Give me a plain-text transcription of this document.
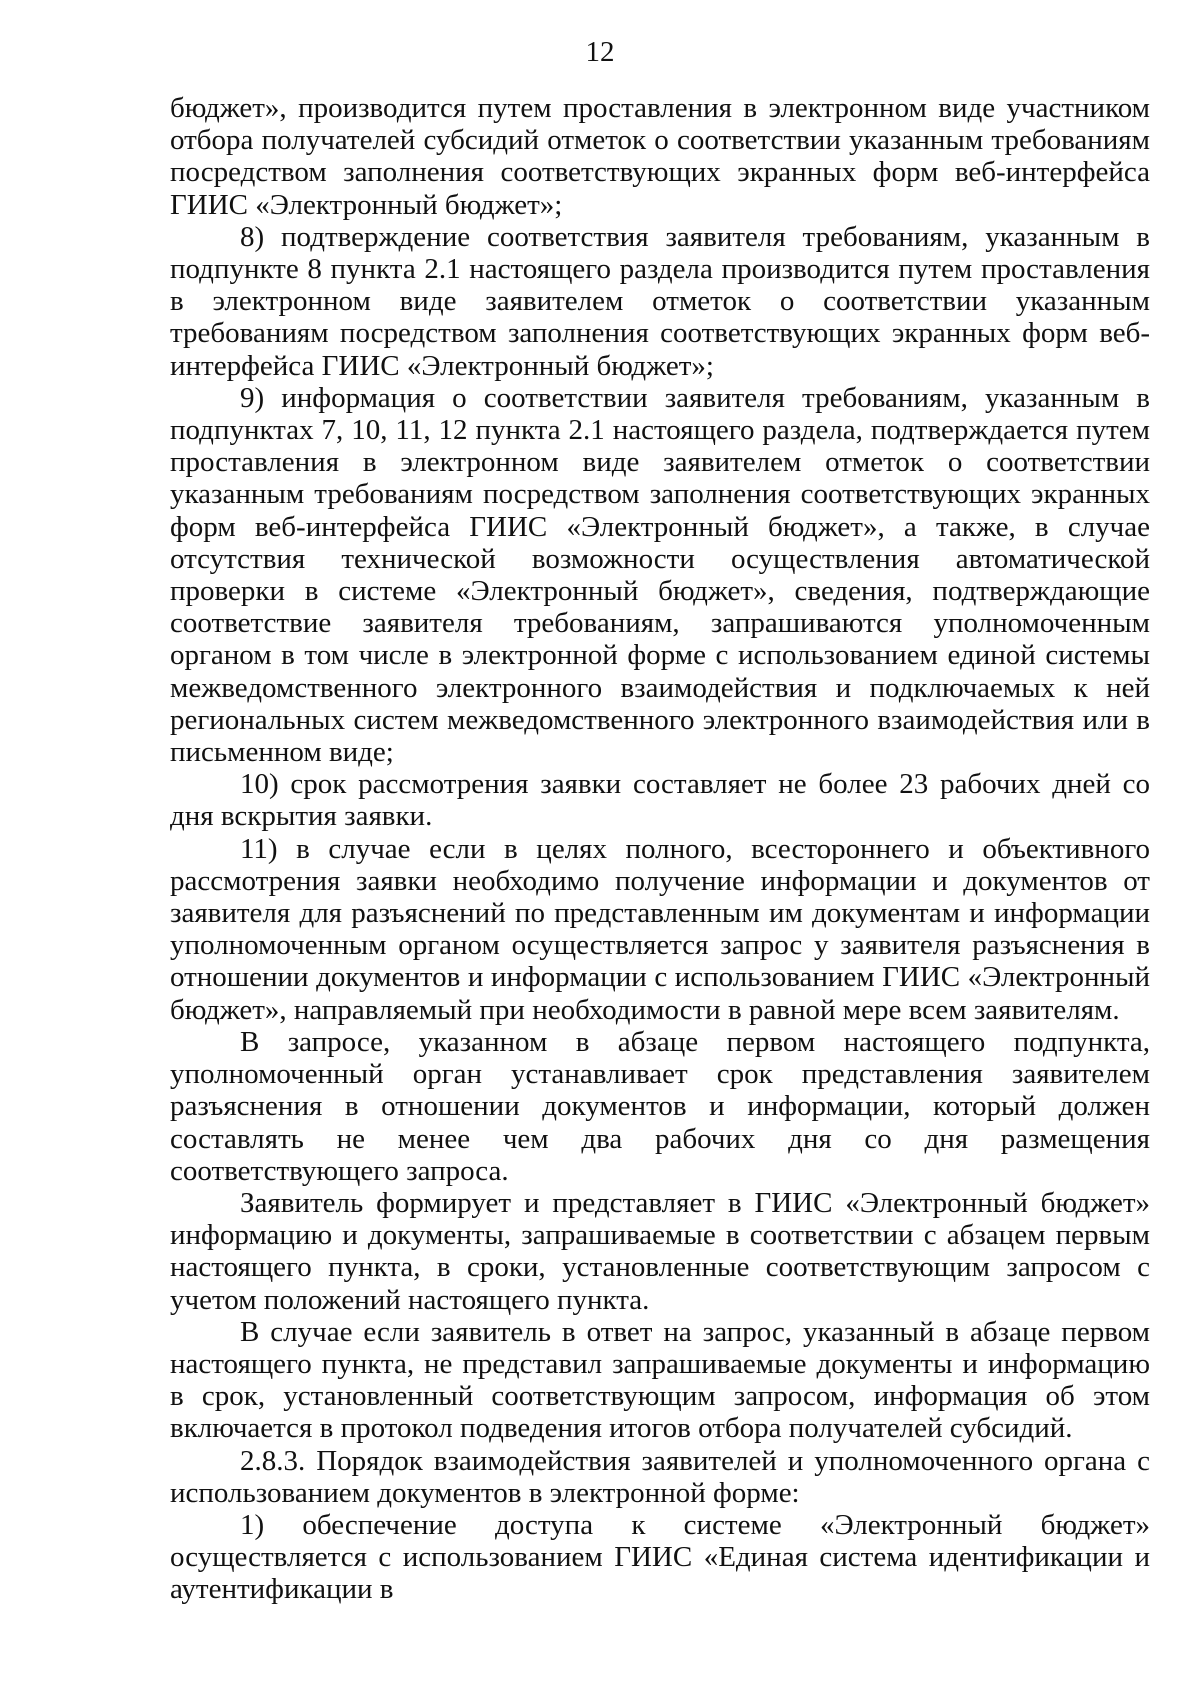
12

бюджет», производится путем проставления в электронном виде участником отбора получателей субсидий отметок о соответствии указанным требованиям посредством заполнения соответствующих экранных форм веб-интерфейса ГИИС «Электронный бюджет»;

8) подтверждение соответствия заявителя требованиям, указанным в подпункте 8 пункта 2.1 настоящего раздела производится путем проставления в электронном виде заявителем отметок о соответствии указанным требованиям посредством заполнения соответствующих экранных форм веб-интерфейса ГИИС «Электронный бюджет»;

9) информация о соответствии заявителя требованиям, указанным в подпунктах 7, 10, 11, 12 пункта 2.1 настоящего раздела, подтверждается путем проставления в электронном виде заявителем отметок о соответствии указанным требованиям посредством заполнения соответствующих экранных форм веб-интерфейса ГИИС «Электронный бюджет», а также, в случае отсутствия технической возможности осуществления автоматической проверки в системе «Электронный бюджет», сведения, подтверждающие соответствие заявителя требованиям, запрашиваются уполномоченным органом в том числе в электронной форме с использованием единой системы межведомственного электронного взаимодействия и подключаемых к ней региональных систем межведомственного электронного взаимодействия или в письменном виде;

10) срок рассмотрения заявки составляет не более 23 рабочих дней со дня вскрытия заявки.

11) в случае если в целях полного, всестороннего и объективного рассмотрения заявки необходимо получение информации и документов от заявителя для разъяснений по представленным им документам и информации уполномоченным органом осуществляется запрос у заявителя разъяснения в отношении документов и информации с использованием ГИИС «Электронный бюджет», направляемый при необходимости в равной мере всем заявителям.

В запросе, указанном в абзаце первом настоящего подпункта, уполномоченный орган устанавливает срок представления заявителем разъяснения в отношении документов и информации, который должен составлять не менее чем два рабочих дня со дня размещения соответствующего запроса.

Заявитель формирует и представляет в ГИИС «Электронный бюджет» информацию и документы, запрашиваемые в соответствии с абзацем первым настоящего пункта, в сроки, установленные соответствующим запросом с учетом положений настоящего пункта.

В случае если заявитель в ответ на запрос, указанный в абзаце первом настоящего пункта, не представил запрашиваемые документы и информацию в срок, установленный соответствующим запросом, информация об этом включается в протокол подведения итогов отбора получателей субсидий.

2.8.3. Порядок взаимодействия заявителей и уполномоченного органа с использованием документов в электронной форме:

1) обеспечение доступа к системе «Электронный бюджет» осуществляется с использованием ГИИС «Единая система идентификации и аутентификации в
